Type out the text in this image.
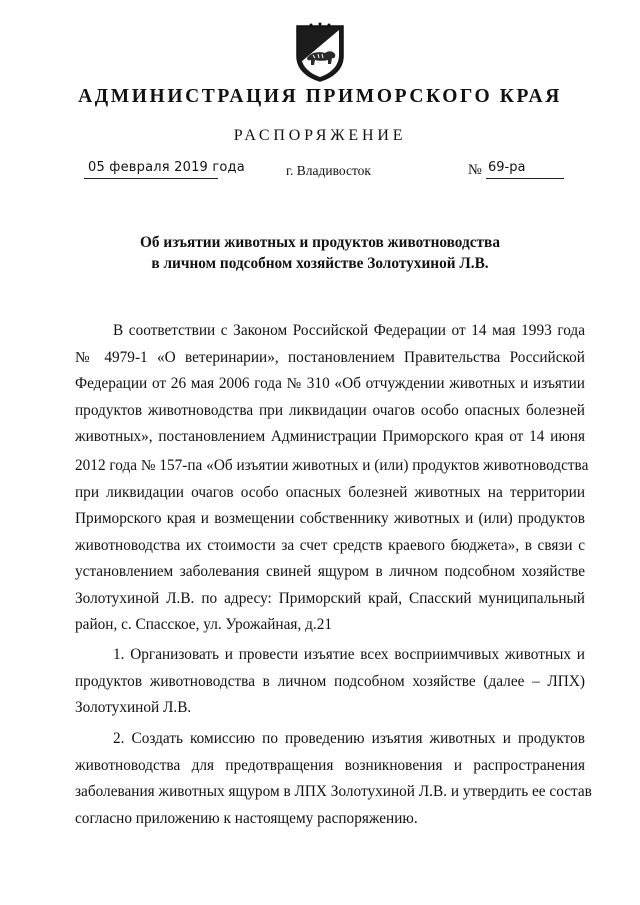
АДМИНИСТРАЦИЯ ПРИМОРСКОГО КРАЯ
РАСПОРЯЖЕНИЕ
05 февраля 2019 года	г. Владивосток	№ 69-ра
Об изъятии животных и продуктов животноводства
в личном подсобном хозяйстве Золотухиной Л.В.

В соответствии с Законом Российской Федерации от 14 мая 1993 года
№ 4979-1 «О ветеринарии», постановлением Правительства Российской
Федерации от 26 мая 2006 года № 310 «Об отчуждении животных и изъятии
продуктов животноводства при ликвидации очагов особо опасных болезней
животных», постановлением Администрации Приморского края от 14 июня

2012 года № 157-па «Об изъятии животных и (или) продуктов животноводства
при ликвидации очагов особо опасных болезней животных на территории
Приморского края и возмещении собственнику животных и (или) продуктов
животноводства их стоимости за счет средств краевого бюджета», в связи с
установлением заболевания свиней ящуром в личном подсобном хозяйстве
Золотухиной Л.В. по адресу: Приморский край, Спасский муниципальный
район, с. Спасское, ул. Урожайная, д.21

1. Организовать и провести изъятие всех восприимчивых животных и
продуктов животноводства в личном подсобном хозяйстве (далее – ЛПХ)
Золотухиной Л.В.

2. Создать комиссию по проведению изъятия животных и продуктов
животноводства для предотвращения возникновения и распространения
заболевания животных ящуром в ЛПХ Золотухиной Л.В. и утвердить ее состав
согласно приложению к настоящему распоряжению.
